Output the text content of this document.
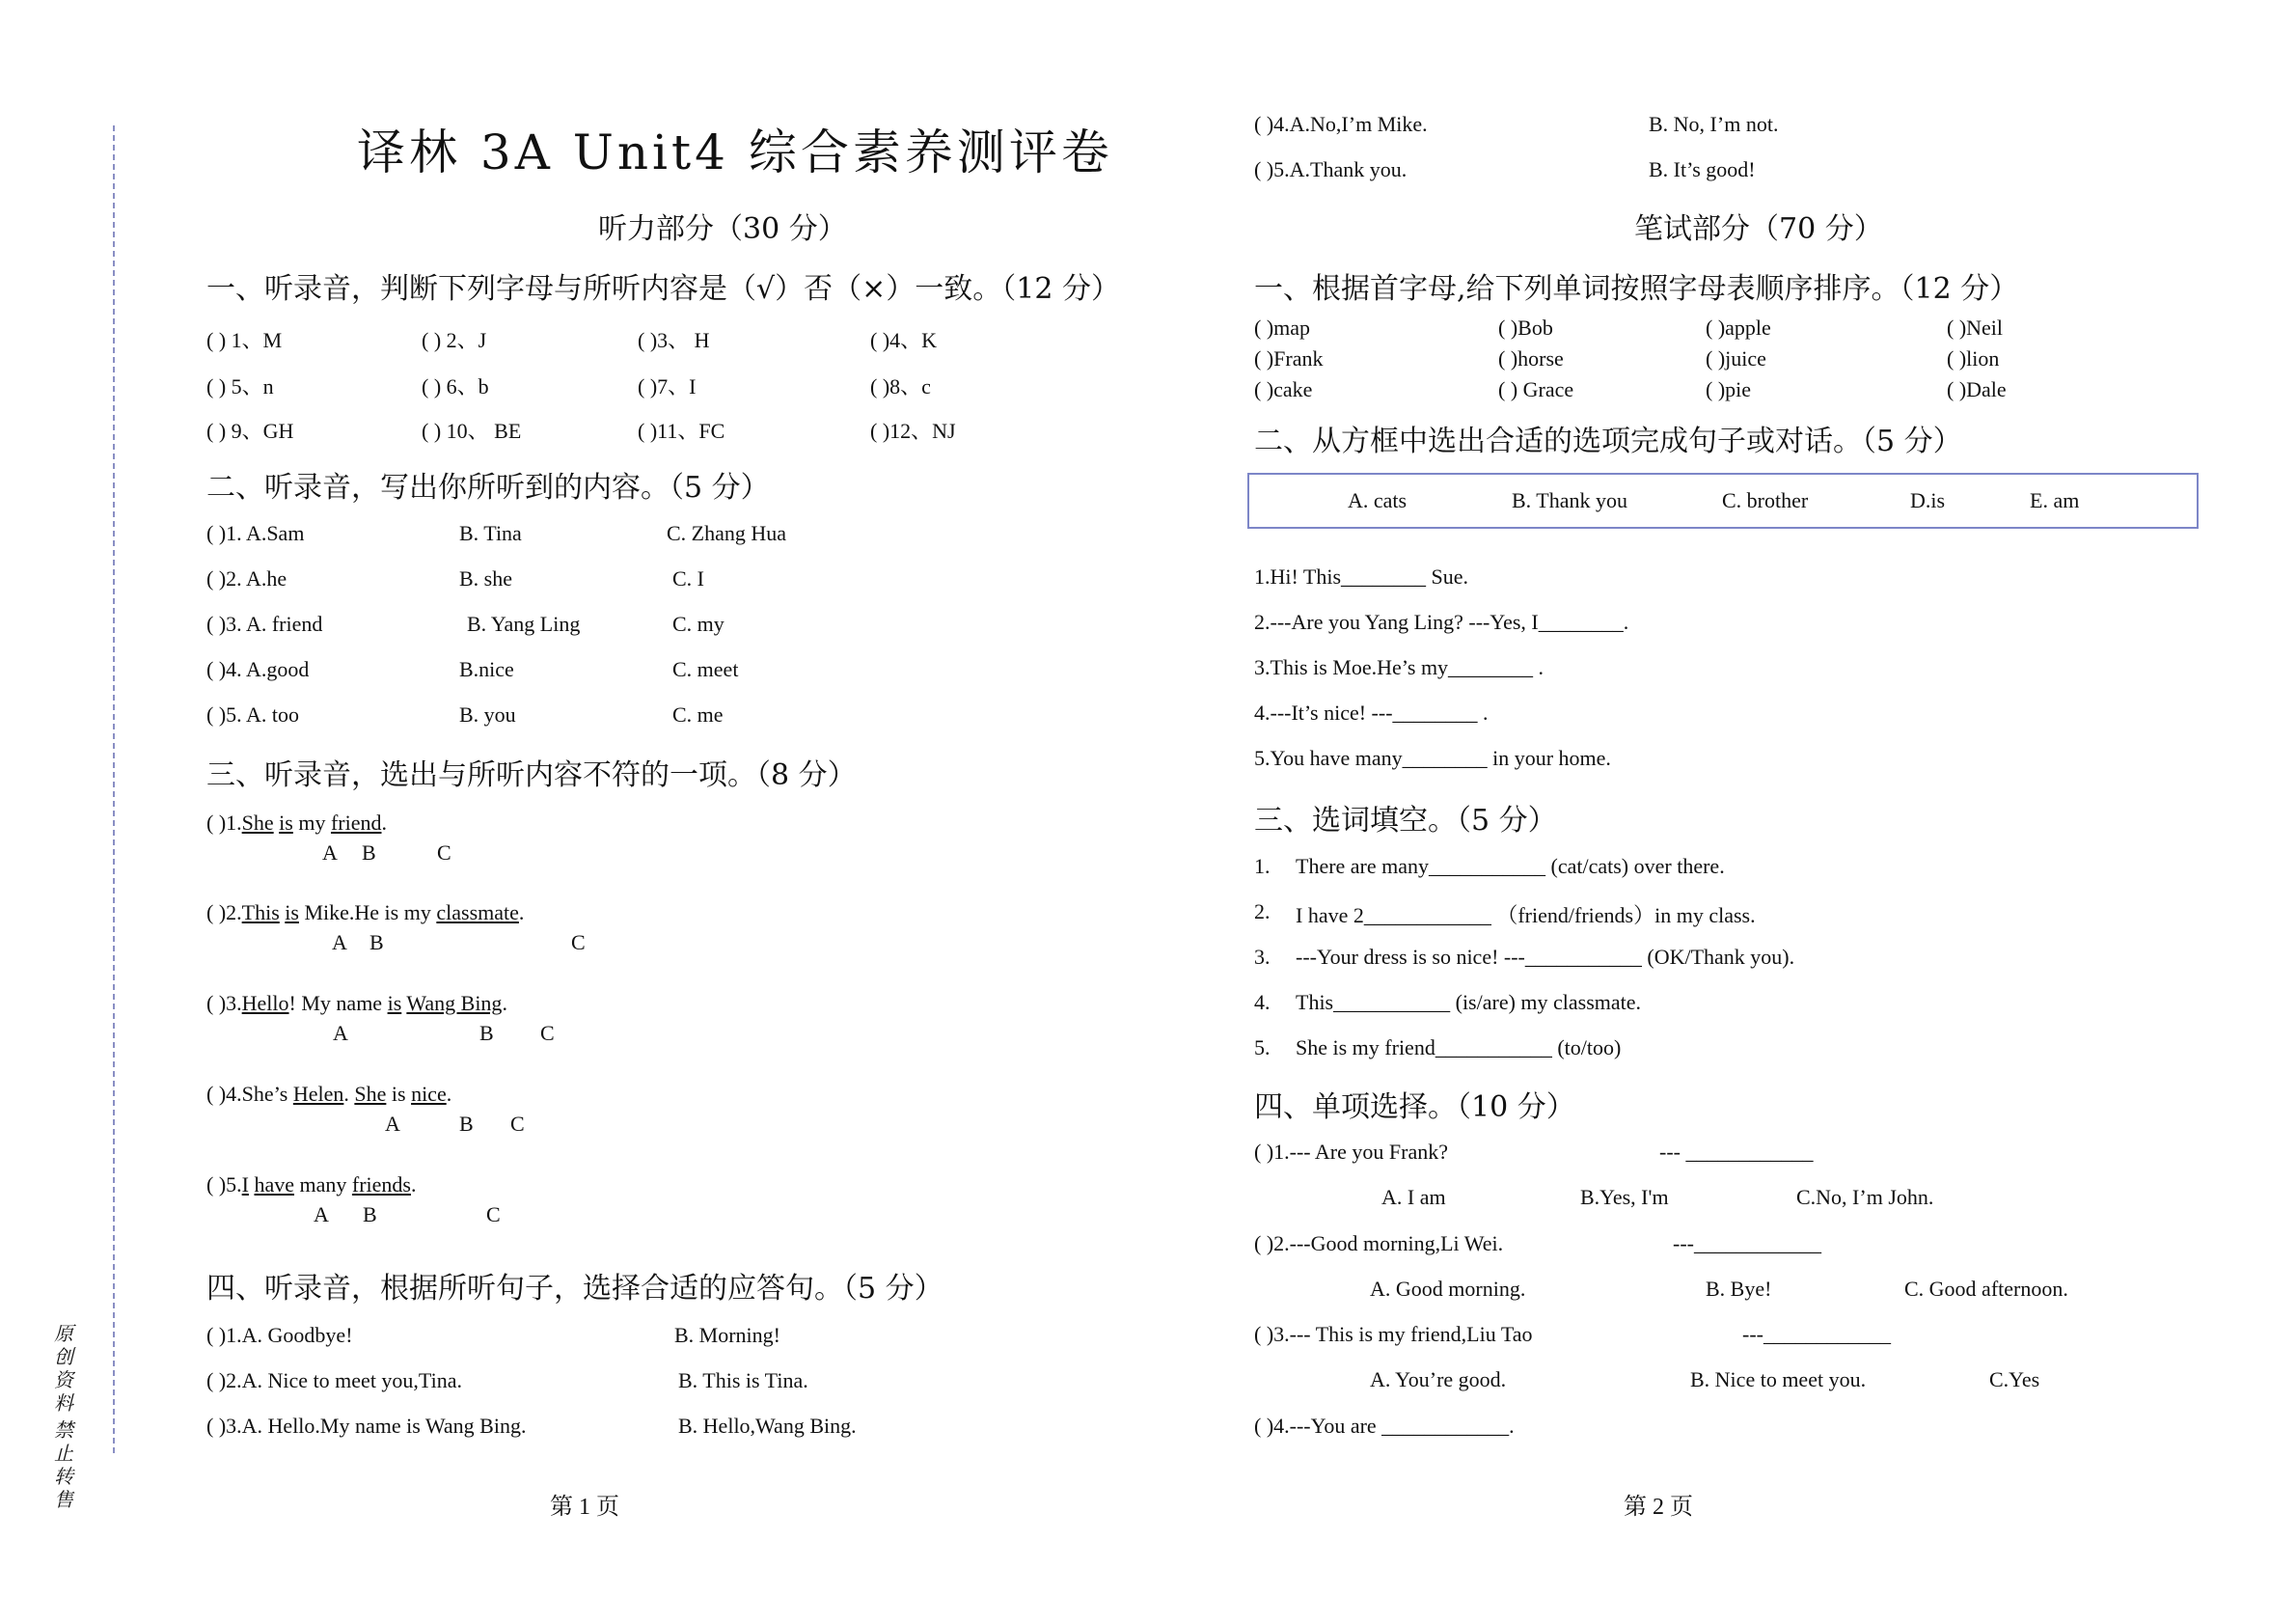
原创资料
禁止转售
译林 3A Unit4 综合素养测评卷
听力部分（30 分）
一、听录音，判断下列字母与所听内容是（√）否（×）一致。（12 分）
( ) 1、M	( ) 2、J	( )3、 H	( )4、K
( ) 5、n	( ) 6、b	( )7、I	( )8、c
( ) 9、GH	( ) 10、 BE	( )11、FC	( )12、NJ
二、听录音，写出你所听到的内容。（5 分）
( )1. A.Sam	B. Tina	C. Zhang Hua
( )2. A.he	B. she	C. I
( )3. A. friend	B. Yang Ling	C. my
( )4. A.good	B.nice	C. meet
( )5. A. too	B. you	C. me
三、听录音，选出与所听内容不符的一项。（8 分）
( )1.She is my friend.
A B	C
( )2.This is Mike.He is my classmate.
A B	C
( )3.Hello! My name is Wang Bing.
A	B C
( )4.She’s Helen. She is nice.
A	B C
( )5.I have many friends.
A B	C
四、听录音，根据所听句子，选择合适的应答句。（5 分）
( )1.A. Goodbye!	B. Morning!
( )2.A. Nice to meet you,Tina.	B. This is Tina.
( )3.A. Hello.My name is Wang Bing.	B. Hello,Wang Bing.
第 1 页
( )4.A.No,I’m Mike.	B. No, I’m not.
( )5.A.Thank you.	B. It’s good!
笔试部分（70 分）
一、根据首字母,给下列单词按照字母表顺序排序。（12 分）
( )map	( )Bob	( )apple	( )Neil
( )Frank	( )horse	( )juice	( )lion
( )cake	( ) Grace	( )pie	( )Dale
二、从方框中选出合适的选项完成句子或对话。（5 分）
A. cats	B. Thank you	C. brother	D.is	E. am
1.Hi! This________ Sue.
2.---Are you Yang Ling? ---Yes, I________.
3.This is Moe.He’s my________ .
4.---It’s nice! ---________ .
5.You have many________ in your home.
三、选词填空。（5 分）
1. There are many___________ (cat/cats) over there.
2. I have 2____________ （friend/friends）in my class.
3. ---Your dress is so nice! ---___________ (OK/Thank you).
4. This___________ (is/are) my classmate.
5. She is my friend___________ (to/too)
四、单项选择。（10 分）
( )1.--- Are you Frank?	--- ____________
A. I am	B.Yes, I'm	C.No, I’m John.
( )2.---Good morning,Li Wei.	---____________
A. Good morning.	B. Bye!	C. Good afternoon.
( )3.--- This is my friend,Liu Tao	---____________
A. You’re good.	B. Nice to meet you.	C.Yes
( )4.---You are ____________.
第 2 页
